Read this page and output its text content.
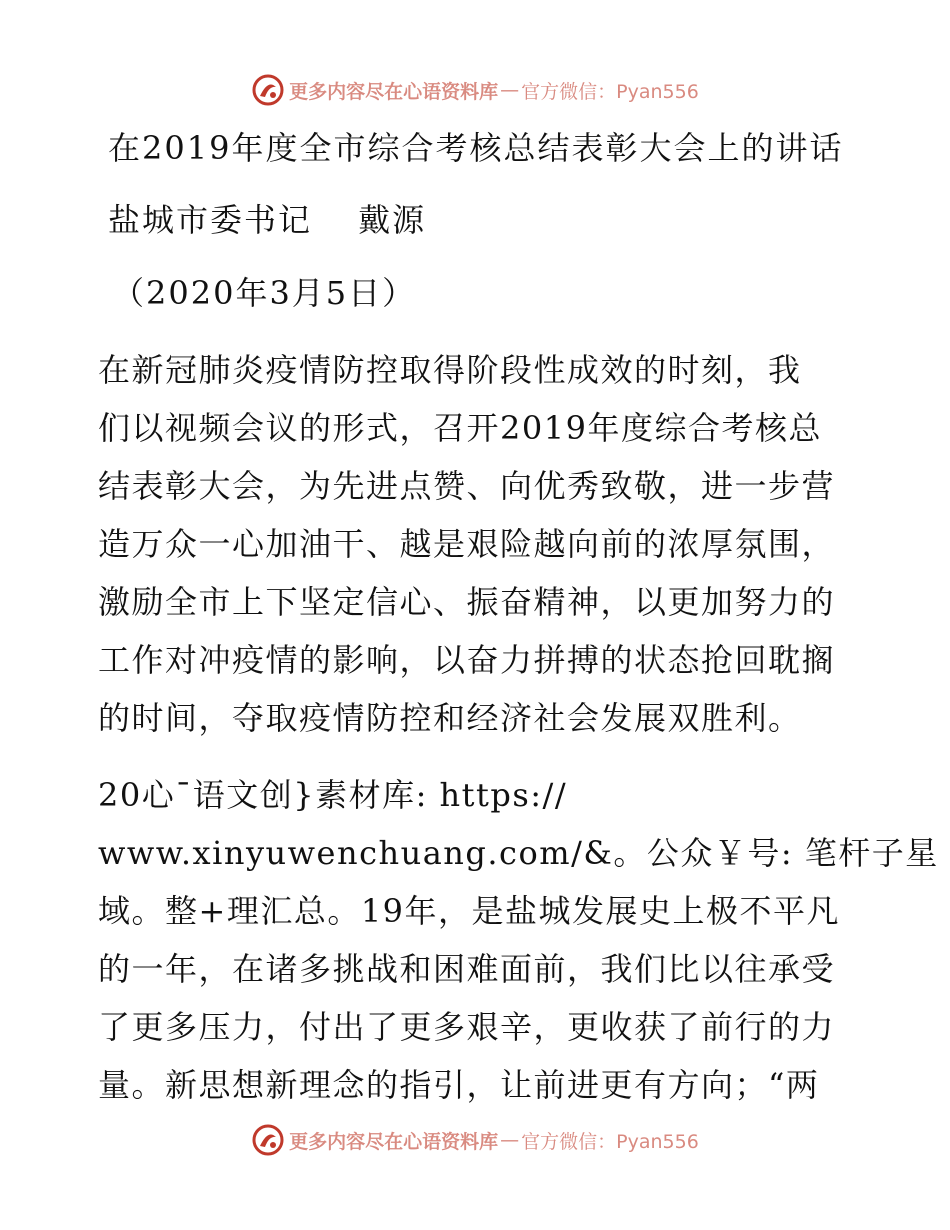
更多内容尽在心语资料库 — 官方微信：Pyan556
在2019年度全市综合考核总结表彰大会上的讲话
盐城市委书记　 戴源
（2020年3月5日）
在新冠肺炎疫情防控取得阶段性成效的时刻，我
们以视频会议的形式，召开2019年度综合考核总
结表彰大会，为先进点赞、向优秀致敬，进一步营
造万众一心加油干、越是艰险越向前的浓厚氛围，
激励全市上下坚定信心、振奋精神，以更加努力的
工作对冲疫情的影响，以奋力拼搏的状态抢回耽搁
的时间，夺取疫情防控和经济社会发展双胜利。
20心¯语文创}素材库: https://
www.xinyuwenchuang.com/&。公众￥号: 笔杆子星
域。整+理汇总。19年，是盐城发展史上极不平凡
的一年，在诸多挑战和困难面前，我们比以往承受
了更多压力，付出了更多艰辛，更收获了前行的力
量。新思想新理念的指引，让前进更有方向；“两
更多内容尽在心语资料库 — 官方微信：Pyan556
